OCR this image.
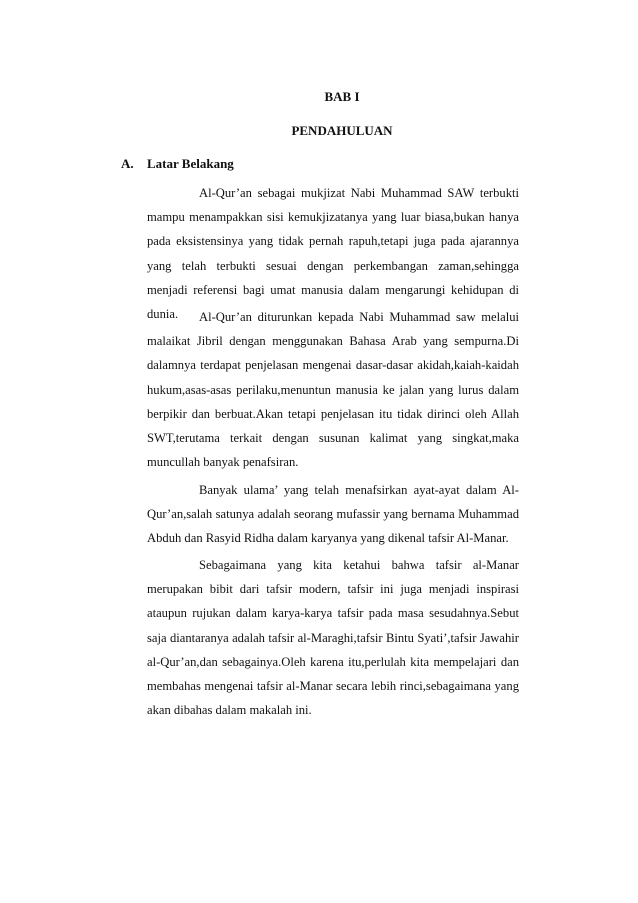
BAB I
PENDAHULUAN
A. Latar Belakang

Al-Qur’an sebagai mukjizat Nabi Muhammad SAW terbukti mampu menampakkan sisi kemukjizatanya yang luar biasa,bukan hanya pada eksistensinya yang tidak pernah rapuh,tetapi juga pada ajarannya yang telah terbukti sesuai dengan perkembangan zaman,sehingga menjadi referensi bagi umat manusia dalam mengarungi kehidupan di dunia.	Al-Qur’an diturunkan kepada Nabi Muhammad saw melalui malaikat Jibril dengan menggunakan Bahasa Arab yang sempurna.Di dalamnya terdapat penjelasan mengenai dasar-dasar akidah,kaiah-kaidah hukum,asas-asas perilaku,menuntun manusia ke jalan yang lurus dalam berpikir dan berbuat.Akan tetapi penjelasan itu tidak dirinci oleh Allah SWT,terutama terkait dengan susunan kalimat yang singkat,maka muncullah banyak penafsiran.

Banyak ulama’ yang telah menafsirkan ayat-ayat dalam Al-Qur’an,salah satunya adalah seorang mufassir yang bernama Muhammad Abduh dan Rasyid Ridha dalam karyanya yang dikenal tafsir Al-Manar.

Sebagaimana yang kita ketahui bahwa tafsir al-Manar merupakan bibit dari tafsir modern, tafsir ini juga menjadi inspirasi ataupun rujukan dalam karya-karya tafsir pada masa sesudahnya.Sebut saja diantaranya adalah tafsir al-Maraghi,tafsir Bintu Syati’,tafsir Jawahir al-Qur’an,dan sebagainya.Oleh karena itu,perlulah kita mempelajari dan membahas mengenai tafsir al-Manar secara lebih rinci,sebagaimana yang akan dibahas dalam makalah ini.
